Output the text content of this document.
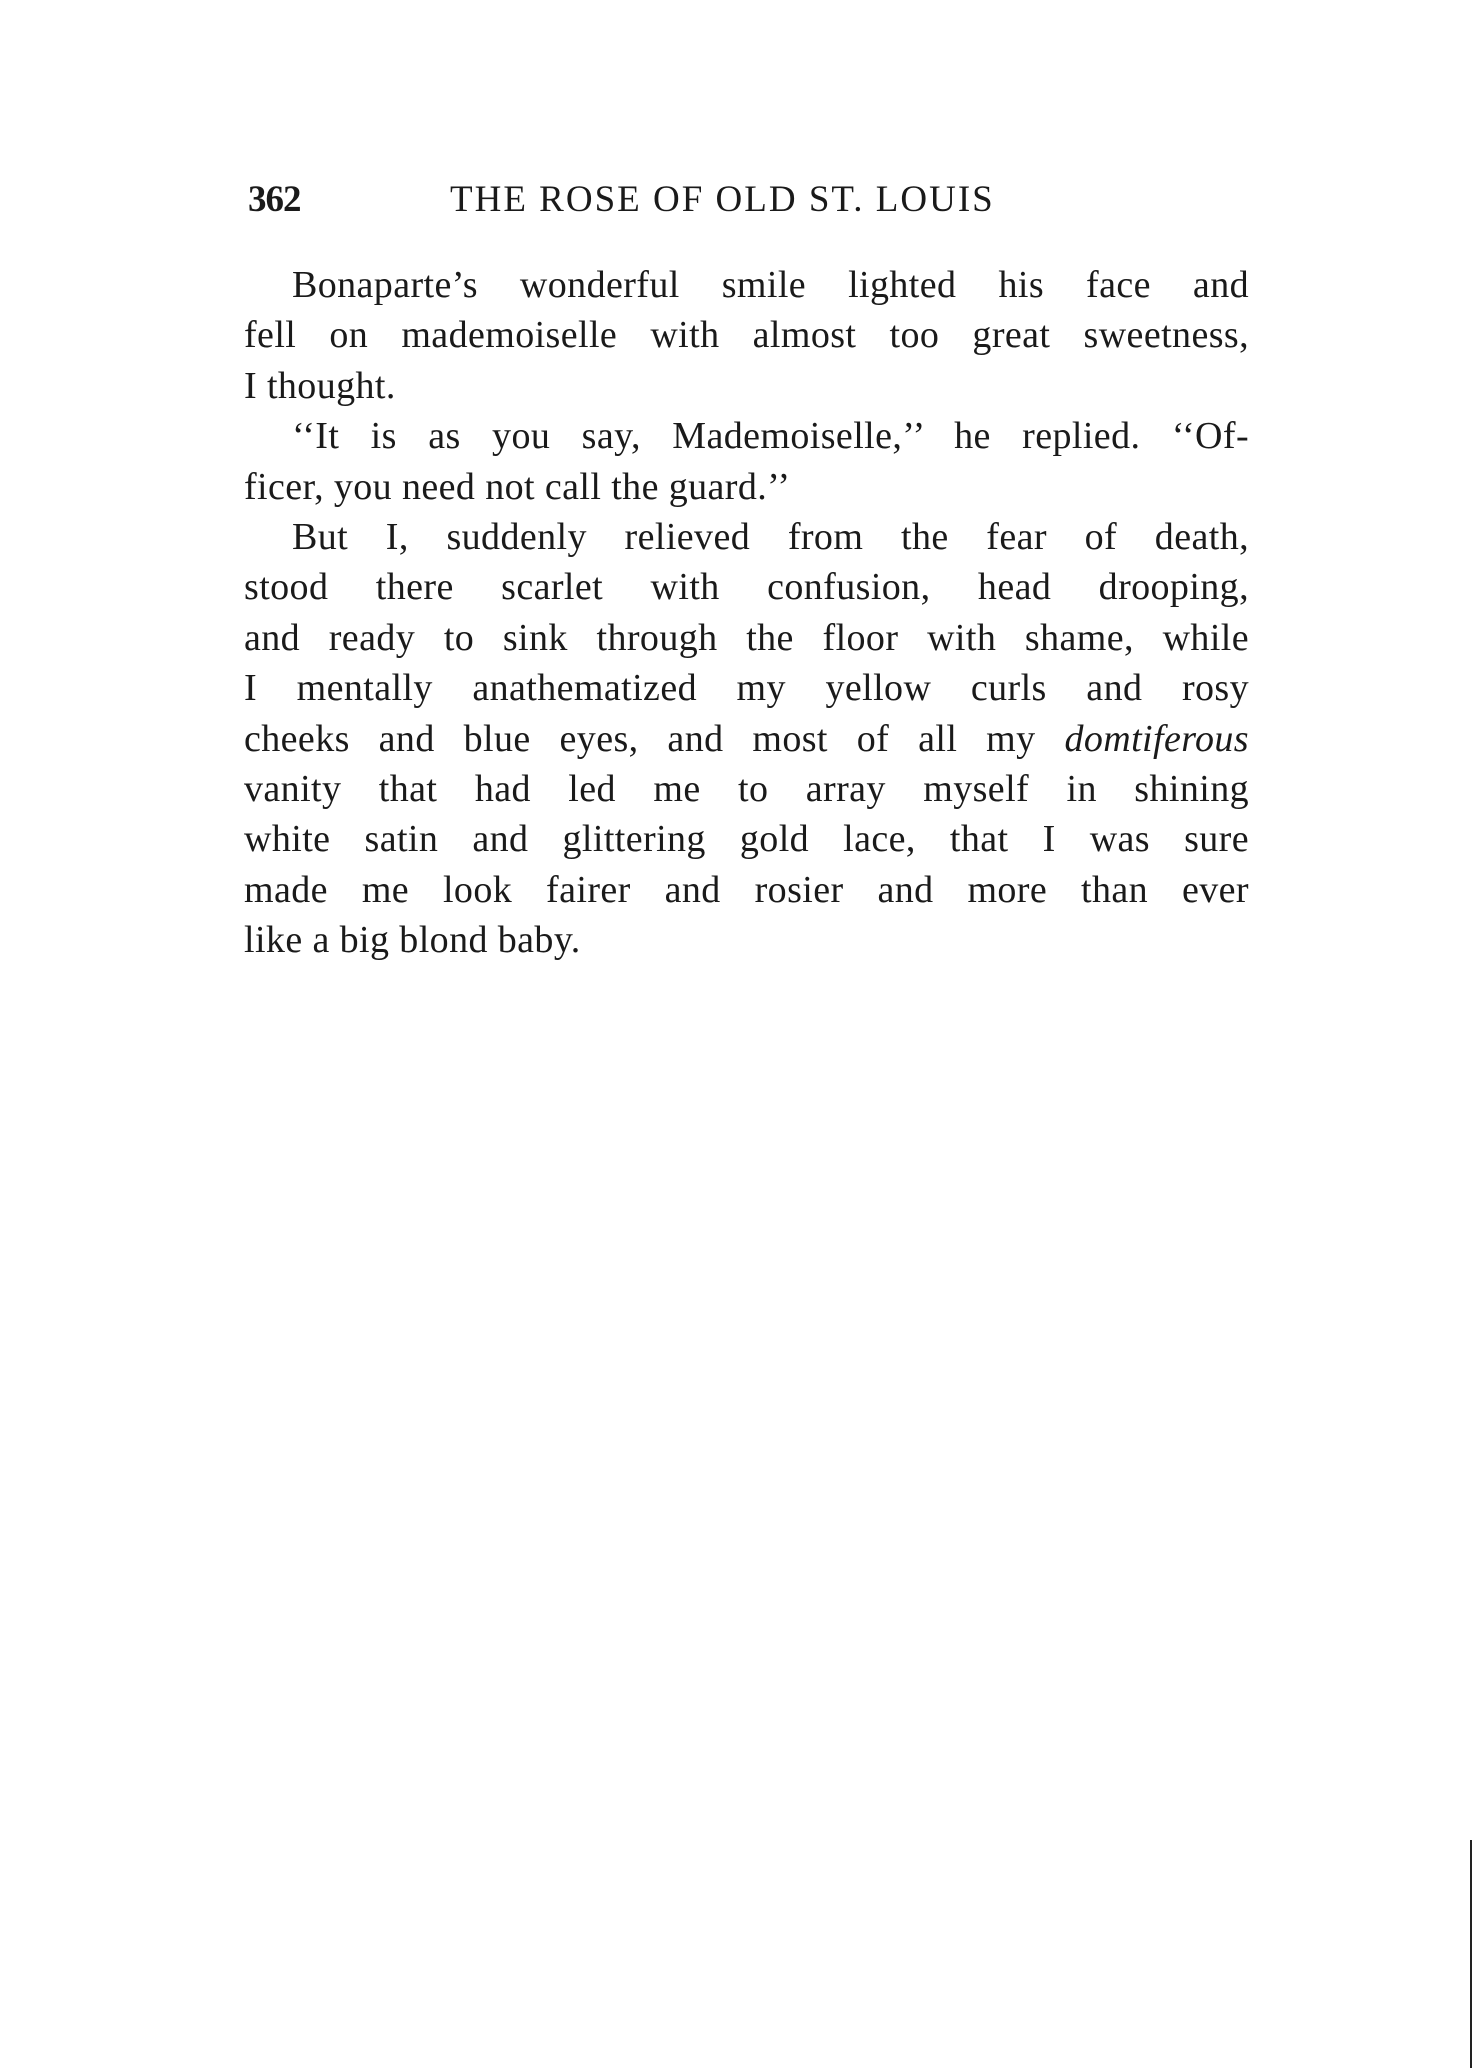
362	THE ROSE OF OLD ST. LOUIS
Bonaparte’s wonderful smile lighted his face and
fell on mademoiselle with almost too great sweetness,
I thought.
‘‘It is as you say, Mademoiselle,’’ he replied. ‘‘Of-
ficer, you need not call the guard.’’
But I, suddenly relieved from the fear of death,
stood there scarlet with confusion, head drooping,
and ready to sink through the floor with shame, while
I mentally anathematized my yellow curls and rosy
cheeks and blue eyes, and most of all my domtiferous
vanity that had led me to array myself in shining
white satin and glittering gold lace, that I was sure
made me look fairer and rosier and more than ever
like a big blond baby.
